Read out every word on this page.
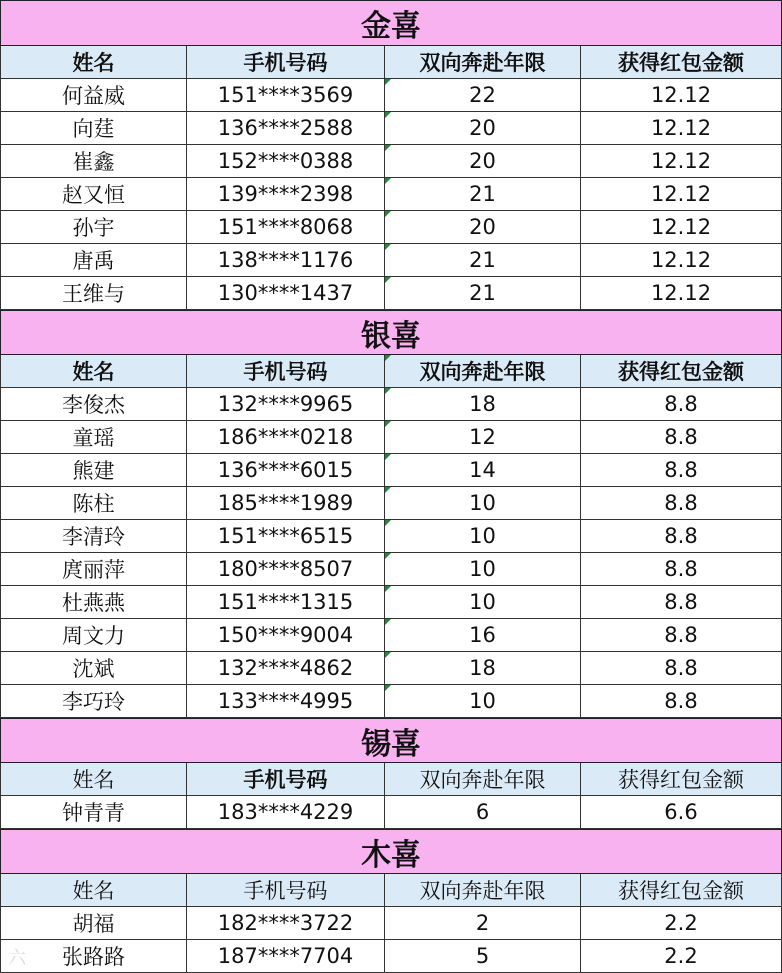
金喜
姓名	手机号码	双向奔赴年限	获得红包金额
何益威	151****3569	22	12.12
向莛	136****2588	20	12.12
崔鑫	152****0388	20	12.12
赵又恒	139****2398	21	12.12
孙宇	151****8068	20	12.12
唐禹	138****1176	21	12.12
王维与	130****1437	21	12.12
银喜
姓名	手机号码	双向奔赴年限	获得红包金额
李俊杰	132****9965	18	8.8
童瑶	186****0218	12	8.8
熊建	136****6015	14	8.8
陈柱	185****1989	10	8.8
李清玲	151****6515	10	8.8
庹丽萍	180****8507	10	8.8
杜燕燕	151****1315	10	8.8
周文力	150****9004	16	8.8
沈斌	132****4862	18	8.8
李巧玲	133****4995	10	8.8
锡喜
姓名	手机号码	双向奔赴年限	获得红包金额
钟青青	183****4229	6	6.6
木喜
姓名	手机号码	双向奔赴年限	获得红包金额
胡福	182****3722	2	2.2
张路路	187****7704	5	2.2
六
